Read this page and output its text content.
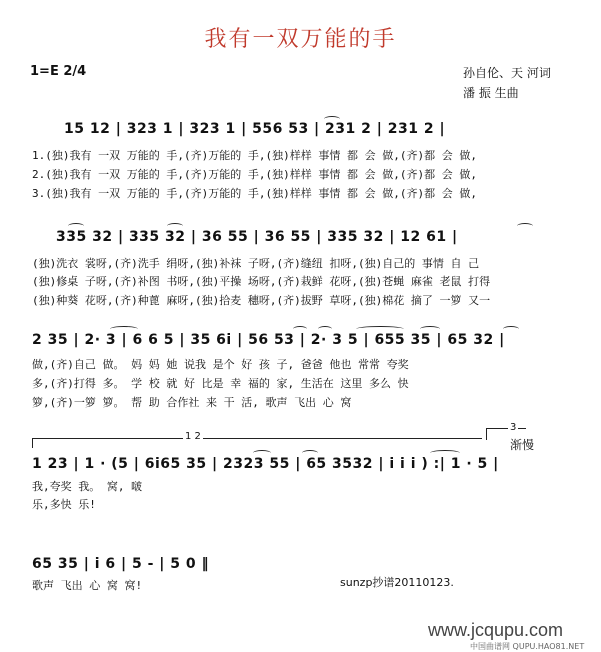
我有一双万能的手
1=E 2/4	孙自伦、天 河词
潘 振 生曲
15 12 | 323 1 | 323 1 | 556 53 | 231 2 | 231 2 |
1.(独)我有 一双 万能的 手,(齐)万能的 手,(独)样样 事情 都 会 做,(齐)都 会 做,
2.(独)我有 一双 万能的 手,(齐)万能的 手,(独)样样 事情 都 会 做,(齐)都 会 做,
3.(独)我有 一双 万能的 手,(齐)万能的 手,(独)样样 事情 都 会 做,(齐)都 会 做,
335 32 | 335 32 | 36 55 | 36 55 | 335 32 | 12 61 |
(独)洗衣 裳呀,(齐)洗手 绢呀,(独)补袜 子呀,(齐)缝纽 扣呀,(独)自己的 事情 自 己
(独)修桌 子呀,(齐)补图 书呀,(独)平操 场呀,(齐)栽鲜 花呀,(独)苍蝇 麻雀 老鼠 打得
(独)种葵 花呀,(齐)种蓖 麻呀,(独)拾麦 穗呀,(齐)拔野 草呀,(独)棉花 摘了 一箩 又一
2 35 | 2· 3 | 6 6 5 | 35 6i | 56 53 | 2· 3 5 | 655 35 | 65 32 |
做,(齐)自己 做。 妈 妈 她 说我 是个 好 孩 子, 爸爸 他也 常常 夸奖
多,(齐)打得 多。 学 校 就 好 比是 幸 福的 家, 生活在 这里 多么 快
箩,(齐)一箩 箩。 帮 助 合作社 来 干 活, 歌声 飞出 心 窝
1 2
3
渐慢
1 23 | 1 · (5 | 6i65 35 | 2323 55 | 65 3532 | i i i ) :| 1 · 5 |
我,夸奖 我。 窝, 啵
乐,多快 乐!
65 35 | i 6 | 5 - | 5 0 ‖
歌声 飞出 心 窝 窝!	sunzp抄谱20110123.
www.jcqupu.com
中国曲谱网 QUPU.HAO81.NET
